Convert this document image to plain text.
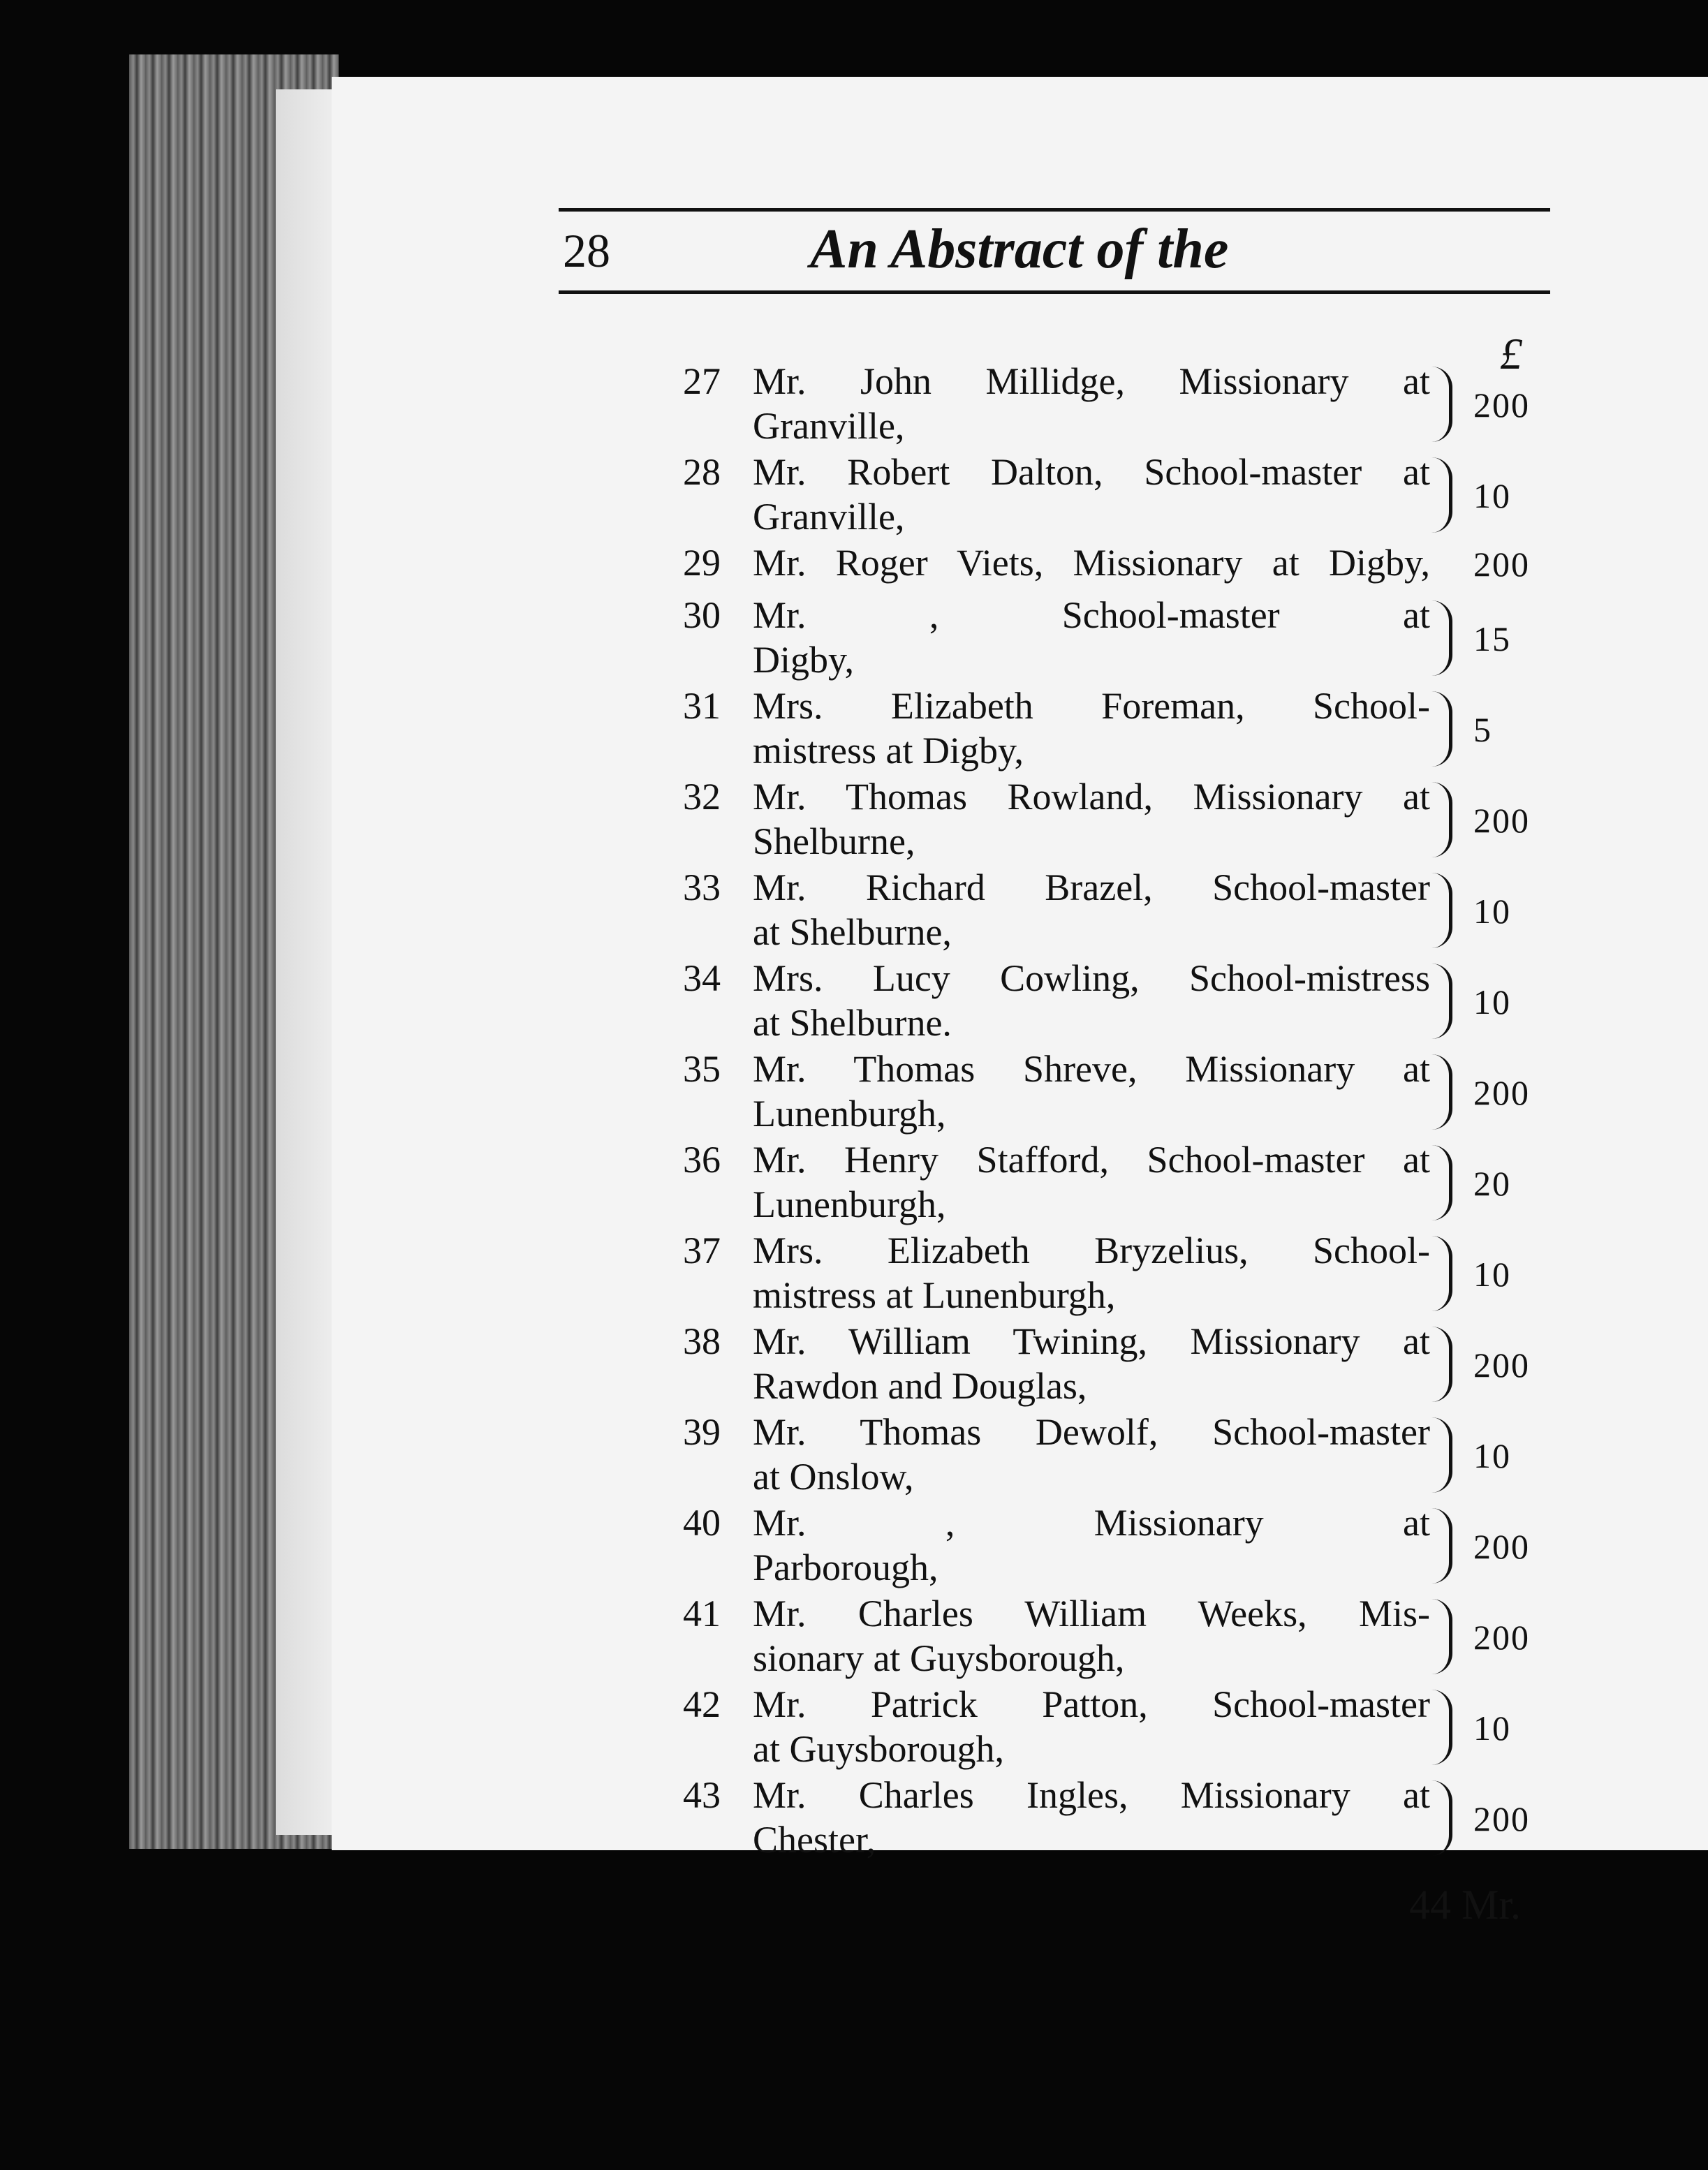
28	An Abstract of the
£
27 Mr. John Millidge, Missionary at
Granville,	200
28 Mr. Robert Dalton, School-master at
Granville,	10
29 Mr. Roger Viets, Missionary at Digby, 200
30 Mr. , School-master at
Digby,	15
31 Mrs. Elizabeth Foreman, School-
mistress at Digby,	5
32 Mr. Thomas Rowland, Missionary at
Shelburne,	200
33 Mr. Richard Brazel, School-master
at Shelburne,	10
34 Mrs. Lucy Cowling, School-mistress
at Shelburne.	10
35 Mr. Thomas Shreve, Missionary at
Lunenburgh,	200
36 Mr. Henry Stafford, School-master at
Lunenburgh,	20
37 Mrs. Elizabeth Bryzelius, School-
mistress at Lunenburgh,	10
38 Mr. William Twining, Missionary at
Rawdon and Douglas,	200
39 Mr. Thomas Dewolf, School-master
at Onslow,	10
40 Mr. , Missionary at
Parborough,	200
41 Mr. Charles William Weeks, Mis-
sionary at Guysborough,	200
42 Mr. Patrick Patton, School-master
at Guysborough,	10
43 Mr. Charles Ingles, Missionary at
Chester,	200
44 Mr.
